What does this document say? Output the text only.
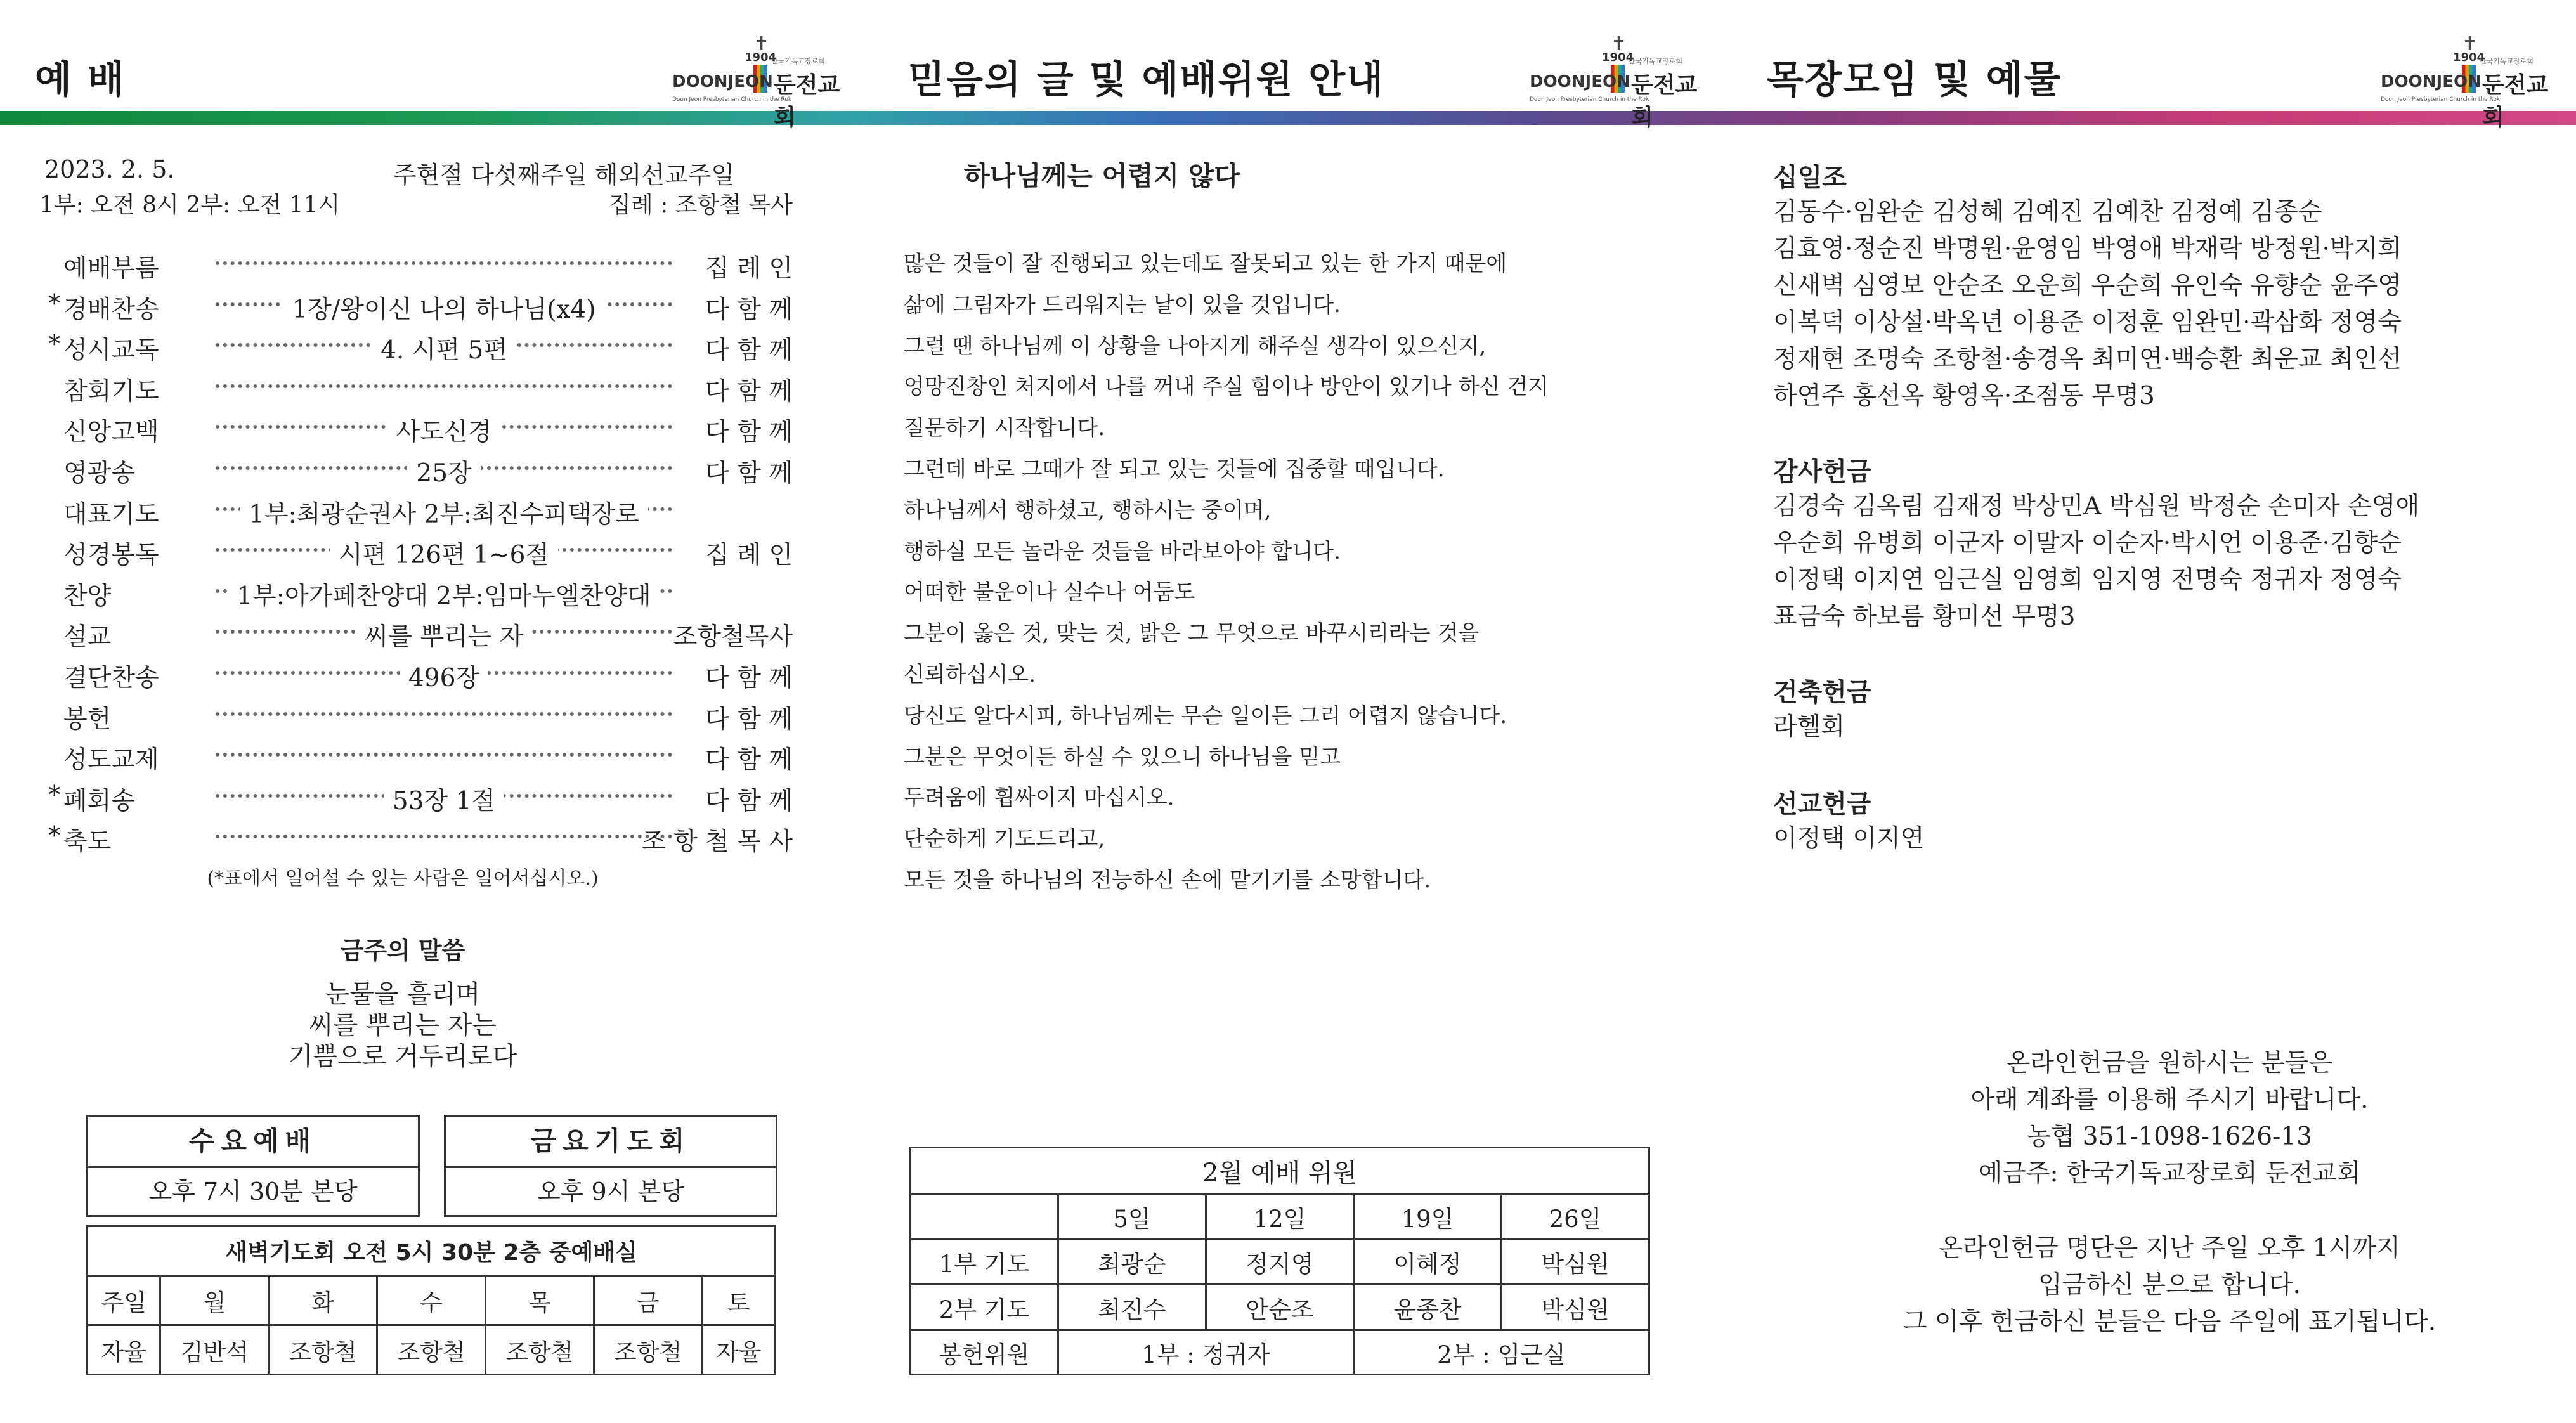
예 배
✝
1904
한국기독교장로회
DOONJEON 둔전교회
Doon Jeon Presbyterian Church in the Rok
2023. 2. 5.	주현절 다섯째주일 해외선교주일
1부: 오전 8시 2부: 오전 11시	집례 : 조항철 목사
예배부름	집 례 인
* 경배찬송	1장/왕이신 나의 하나님(x4)	다 함 께
* 성시교독	4. 시편 5편	다 함 께
참회기도	다 함 께
신앙고백	사도신경	다 함 께
영광송	25장	다 함 께
대표기도	1부:최광순권사 2부:최진수피택장로
성경봉독	시편 126편 1~6절	집 례 인
찬양	1부:아가페찬양대 2부:임마누엘찬양대
설교	씨를 뿌리는 자	조항철목사
결단찬송	496장	다 함 께
봉헌	다 함 께
성도교제	다 함 께
* 폐회송	53장 1절	다 함 께
* 축도	조 항 철 목 사
(*표에서 일어설 수 있는 사람은 일어서십시오.)
금주의 말씀
눈물을 흘리며
씨를 뿌리는 자는
기쁨으로 거두리로다
수요예배
오후 7시 30분 본당
금요기도회
오후 9시 본당
새벽기도회 오전 5시 30분 2층 중예배실						
주일	월	화	수	목	금	토
자율	김반석	조항철	조항철	조항철	조항철	자율
믿음의 글 및 예배위원 안내
✝
1904
한국기독교장로회
DOONJEON 둔전교회
Doon Jeon Presbyterian Church in the Rok
하나님께는 어렵지 않다
많은 것들이 잘 진행되고 있는데도 잘못되고 있는 한 가지 때문에
삶에 그림자가 드리워지는 날이 있을 것입니다.
그럴 땐 하나님께 이 상황을 나아지게 해주실 생각이 있으신지,
엉망진창인 처지에서 나를 꺼내 주실 힘이나 방안이 있기나 하신 건지
질문하기 시작합니다.
그런데 바로 그때가 잘 되고 있는 것들에 집중할 때입니다.
하나님께서 행하셨고, 행하시는 중이며,
행하실 모든 놀라운 것들을 바라보아야 합니다.
어떠한 불운이나 실수나 어둠도
그분이 옳은 것, 맞는 것, 밝은 그 무엇으로 바꾸시리라는 것을
신뢰하십시오.
당신도 알다시피, 하나님께는 무슨 일이든 그리 어렵지 않습니다.
그분은 무엇이든 하실 수 있으니 하나님을 믿고
두려움에 휩싸이지 마십시오.
단순하게 기도드리고,
모든 것을 하나님의 전능하신 손에 맡기기를 소망합니다.
2월 예배 위원				
	5일	12일	19일	26일
1부 기도	최광순	정지영	이혜정	박심원
2부 기도	최진수	안순조	윤종찬	박심원
봉헌위원	1부 : 정귀자		2부 : 임근실	
목장모임 및 예물
✝
1904
한국기독교장로회
DOONJEON 둔전교회
Doon Jeon Presbyterian Church in the Rok
십일조
김동수·임완순 김성혜 김예진 김예찬 김정예 김종순
김효영·정순진 박명원·윤영임 박영애 박재락 방정원·박지희
신새벽 심영보 안순조 오운희 우순희 유인숙 유향순 윤주영
이복덕 이상설·박옥년 이용준 이정훈 임완민·곽삼화 정영숙
정재현 조명숙 조항철·송경옥 최미연·백승환 최운교 최인선
하연주 홍선옥 황영옥·조점동 무명3
감사헌금
김경숙 김옥림 김재정 박상민A 박심원 박정순 손미자 손영애
우순희 유병희 이군자 이말자 이순자·박시언 이용준·김향순
이정택 이지연 임근실 임영희 임지영 전명숙 정귀자 정영숙
표금숙 하보름 황미선 무명3
건축헌금
라헬회
선교헌금
이정택 이지연
온라인헌금을 원하시는 분들은
아래 계좌를 이용해 주시기 바랍니다.
농협 351-1098-1626-13
예금주: 한국기독교장로회 둔전교회
온라인헌금 명단은 지난 주일 오후 1시까지
입금하신 분으로 합니다.
그 이후 헌금하신 분들은 다음 주일에 표기됩니다.
